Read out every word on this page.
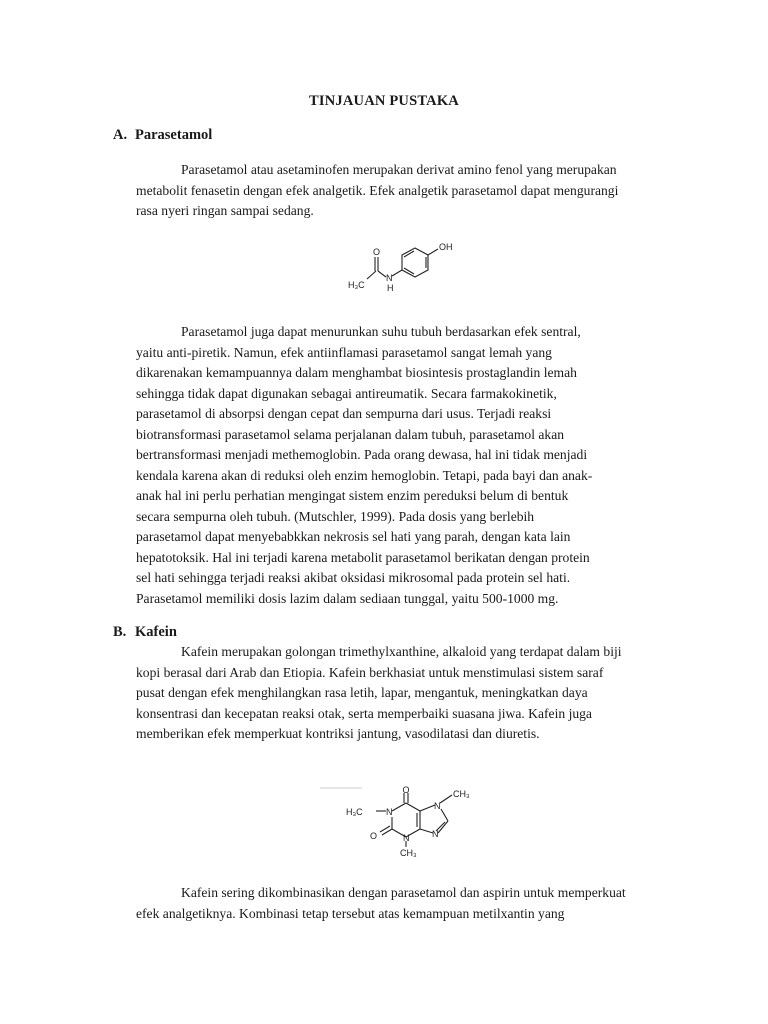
TINJAUAN PUSTAKA
A. Parasetamol
Parasetamol atau asetaminofen merupakan derivat amino fenol yang merupakan
metabolit fenasetin dengan efek analgetik. Efek analgetik parasetamol dapat mengurangi
rasa nyeri ringan sampai sedang.
OH
O
N
H
H₃C
Parasetamol juga dapat menurunkan suhu tubuh berdasarkan efek sentral,
yaitu anti-piretik. Namun, efek antiinflamasi parasetamol sangat lemah yang
dikarenakan kemampuannya dalam menghambat biosintesis prostaglandin lemah
sehingga tidak dapat digunakan sebagai antireumatik. Secara farmakokinetik,
parasetamol di absorpsi dengan cepat dan sempurna dari usus. Terjadi reaksi
biotransformasi parasetamol selama perjalanan dalam tubuh, parasetamol akan
bertransformasi menjadi methemoglobin. Pada orang dewasa, hal ini tidak menjadi
kendala karena akan di reduksi oleh enzim hemoglobin. Tetapi, pada bayi dan anak-
anak hal ini perlu perhatian mengingat sistem enzim pereduksi belum di bentuk
secara sempurna oleh tubuh. (Mutschler, 1999). Pada dosis yang berlebih
parasetamol dapat menyebabkkan nekrosis sel hati yang parah, dengan kata lain
hepatotoksik. Hal ini terjadi karena metabolit parasetamol berikatan dengan protein
sel hati sehingga terjadi reaksi akibat oksidasi mikrosomal pada protein sel hati.
Parasetamol memiliki dosis lazim dalam sediaan tunggal, yaitu 500-1000 mg.
B. Kafein
Kafein merupakan golongan trimethylxanthine, alkaloid yang terdapat dalam biji
kopi berasal dari Arab dan Etiopia. Kafein berkhasiat untuk menstimulasi sistem saraf
pusat dengan efek menghilangkan rasa letih, lapar, mengantuk, meningkatkan daya
konsentrasi dan kecepatan reaksi otak, serta memperbaiki suasana jiwa. Kafein juga
memberikan efek memperkuat kontriksi jantung, vasodilatasi dan diuretis.
O
O
N
N
N
N
H₃C
CH₃
CH₃
Kafein sering dikombinasikan dengan parasetamol dan aspirin untuk memperkuat
efek analgetiknya. Kombinasi tetap tersebut atas kemampuan metilxantin yang
